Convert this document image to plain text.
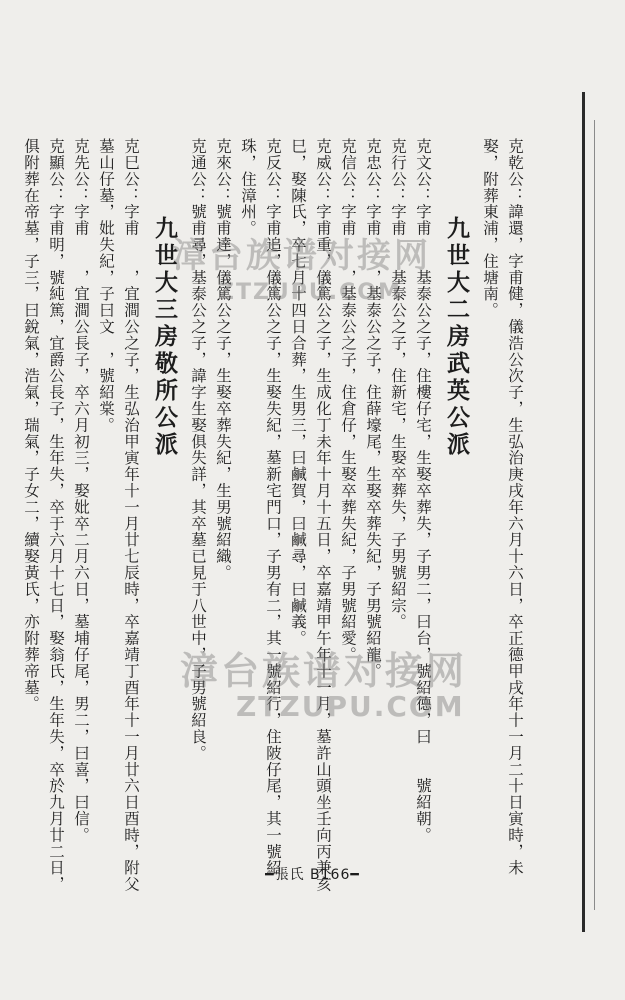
克乾公：諱還，字甫健，儀浩公次子，生弘治庚戌年六月十六日，卒正德甲戌年十一月二十日寅時，未娶，附葬東浦，住塘南。

九世大二房武英公派

克文公：字甫　　基泰公之子，住樓仔宅，生娶卒葬失，子男二，曰台，號紹德，曰　　號紹朝。

克行公：字甫　　基泰公之子，住新宅，生娶卒葬失，子男號紹宗。

克忠公：字甫　　，基泰公之子，住薛壕尾，生娶卒葬失紀，子男號紹龍。

克信公：字甫　　，基泰公之子，住倉仔，生娶卒葬失紀，子男號紹愛。

克威公：字甫重，儀篤公之子，生成化丁未年十月十五日，卒嘉靖甲午年十一月，墓許山頭坐壬向丙兼亥巳，娶陳氏，卒七月十四日合葬，生男三，曰鹹賀，曰鹹尋，曰鹹義。

克反公：字甫追，儀篤公之子，生娶失紀，墓新宅門口，子男有二，其一號紹行，住陂仔尾，其一號紹珠，住漳州。

克來公：號甫達，儀篤公之子，生娶卒葬失紀，生男號紹織。

克通公：號甫尋，基泰公之子，諱字生娶俱失詳，其卒墓已見于八世中，子男號紹良。

九世大三房敬所公派

克巳公：字甫　　，宜澗公之子，生弘治甲寅年十一月廿七辰時，卒嘉靖丁酉年十一月廿六日酉時，附父墓山仔墓，妣失紀，子曰文　，號紹棠。

克先公：字甫　　，宜澗公長子，卒六月初三，娶妣卒二月六日，墓埔仔尾，男二，曰喜，曰信。

克顯公：字甫明，號純篤，宜爵公長子，生年失，卒于六月十七日，娶翁氏，生年失，卒於九月廿二日，俱附葬在帝墓，子三，曰銳氣，浩氣，瑞氣，子女二，續娶黃氏，亦附葬帝墓。	漳台族谱对接网
ZTZUPU.COM
漳台族谱对接网
ZTZUPU.COM
━張氏 B166━
